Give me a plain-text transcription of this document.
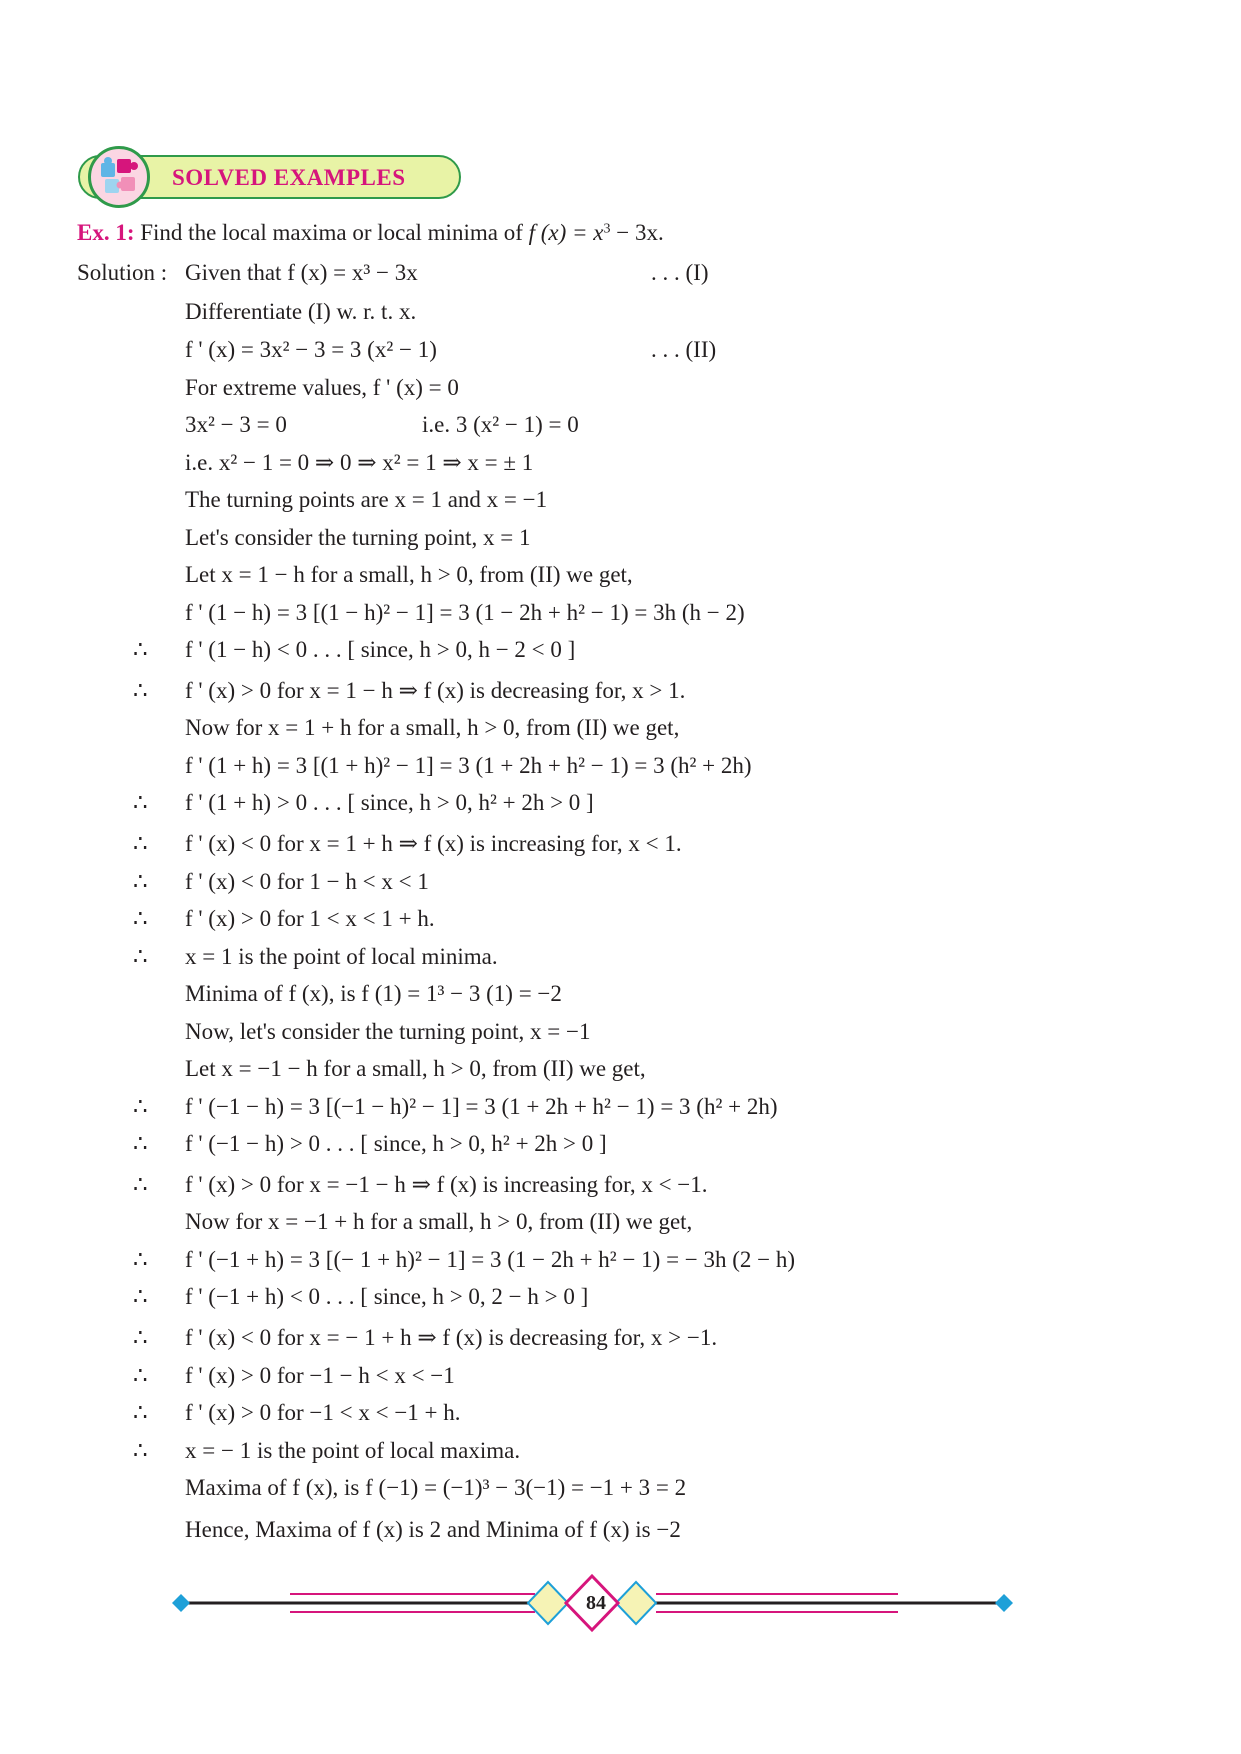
SOLVED EXAMPLES
Ex. 1: Find the local maxima or local minima of f $(x) = x^3 - 3x$.
Solution : Given that f (x) = x³ − 3x	. . . (I)
Differentiate (I) w. r. t. x.
f ' (x) = 3x² − 3 = 3 (x² − 1)	. . . (II)
For extreme values, f ' (x) = 0
3x² − 3 = 0	i.e. 3 (x² − 1) = 0
i.e. x² − 1 = 0 ⇒ 0 ⇒ x² = 1 ⇒ x = ± 1
The turning points are x = 1 and x = −1
Let's consider the turning point, x = 1
Let x = 1 − h for a small, h > 0, from (II) we get,
f ' (1 − h) = 3 [(1 − h)² − 1] = 3 (1 − 2h + h² − 1) = 3h (h − 2)
∴ f ' (1 − h) < 0 . . . [ since, h > 0, h − 2 < 0 ]
∴ f ' (x) > 0 for x = 1 − h ⇒ f (x) is decreasing for, x > 1.
Now for x = 1 + h for a small, h > 0, from (II) we get,
f ' (1 + h) = 3 [(1 + h)² − 1] = 3 (1 + 2h + h² − 1) = 3 (h² + 2h)
∴ f ' (1 + h) > 0 . . . [ since, h > 0, h² + 2h > 0 ]
∴ f ' (x) < 0 for x = 1 + h ⇒ f (x) is increasing for, x < 1.
∴ f ' (x) < 0 for 1 − h < x < 1
∴ f ' (x) > 0 for 1 < x < 1 + h.
∴ x = 1 is the point of local minima.
Minima of f (x), is f (1) = 1³ − 3 (1) = −2
Now, let's consider the turning point, x = −1
Let x = −1 − h for a small, h > 0, from (II) we get,
∴ f ' (−1 − h) = 3 [(−1 − h)² − 1] = 3 (1 + 2h + h² − 1) = 3 (h² + 2h)
∴ f ' (−1 − h) > 0 . . . [ since, h > 0, h² + 2h > 0 ]
∴ f ' (x) > 0 for x = −1 − h ⇒ f (x) is increasing for, x < −1.
Now for x = −1 + h for a small, h > 0, from (II) we get,
∴ f ' (−1 + h) = 3 [(− 1 + h)² − 1] = 3 (1 − 2h + h² − 1) = − 3h (2 − h)
∴ f ' (−1 + h) < 0 . . . [ since, h > 0, 2 − h > 0 ]
∴ f ' (x) < 0 for x = − 1 + h ⇒ f (x) is decreasing for, x > −1.
∴ f ' (x) > 0 for −1 − h < x < −1
∴ f ' (x) > 0 for −1 < x < −1 + h.
∴ x = − 1 is the point of local maxima.
Maxima of f (x), is f (−1) = (−1)³ − 3(−1) = −1 + 3 = 2
Hence, Maxima of f (x) is 2 and Minima of f (x) is −2
84
